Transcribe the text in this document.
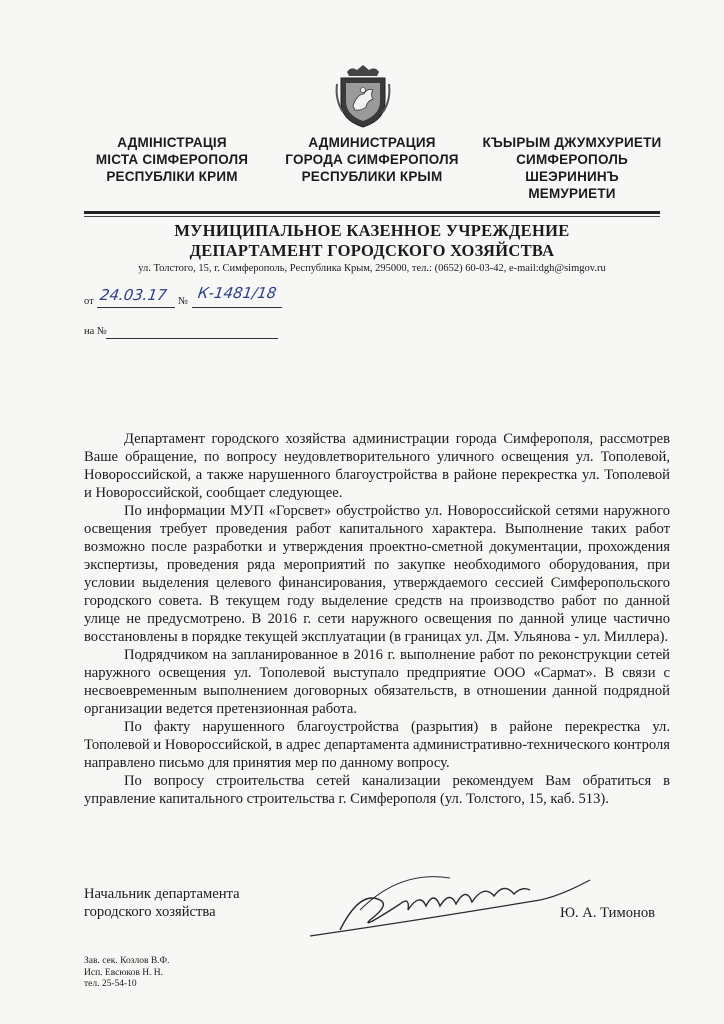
АДМІНІСТРАЦІЯ
МІСТА СІМФЕРОПОЛЯ
РЕСПУБЛІКИ КРИМ
АДМИНИСТРАЦИЯ
ГОРОДА СИМФЕРОПОЛЯ
РЕСПУБЛИКИ КРЫМ
КЪЫРЫМ ДЖУМХУРИЕТИ
СИМФЕРОПОЛЬ
ШЕЭРИНИНЪ
МЕМУРИЕТИ
МУНИЦИПАЛЬНОЕ КАЗЕННОЕ УЧРЕЖДЕНИЕ
ДЕПАРТАМЕНТ ГОРОДСКОГО ХОЗЯЙСТВА
ул. Толстого, 15, г. Симферополь, Республика Крым, 295000, тел.: (0652) 60-03-42, e-mail:dgh@simgov.ru
от 24.03.17 № К-1481/18
на №

Департамент городского хозяйства администрации города Симферополя, рассмотрев Ваше обращение, по вопросу неудовлетворительного уличного освещения ул. Тополевой, Новороссийской, а также нарушенного благоустройства в районе перекрестка ул. Тополевой и Новороссийской, сообщает следующее.

По информации МУП «Горсвет» обустройство ул. Новороссийской сетями наружного освещения требует проведения работ капитального характера. Выполнение таких работ возможно после разработки и утверждения проектно-сметной документации, прохождения экспертизы, проведения ряда мероприятий по закупке необходимого оборудования, при условии выделения целевого финансирования, утверждаемого сессией Симферопольского городского совета. В текущем году выделение средств на производство работ по данной улице не предусмотрено. В 2016 г. сети наружного освещения по данной улице частично восстановлены в порядке текущей эксплуатации (в границах ул. Дм. Ульянова - ул. Миллера).

Подрядчиком на запланированное в 2016 г. выполнение работ по реконструкции сетей наружного освещения ул. Тополевой выступало предприятие ООО «Сармат». В связи с несвоевременным выполнением договорных обязательств, в отношении данной подрядной организации ведется претензионная работа.

По факту нарушенного благоустройства (разрытия) в районе перекрестка ул. Тополевой и Новороссийской, в адрес департамента административно-технического контроля направлено письмо для принятия мер по данному вопросу.

По вопросу строительства сетей канализации рекомендуем Вам обратиться в управление капитального строительства г. Симферополя (ул. Толстого, 15, каб. 513).

Начальник департамента
городского хозяйства	Ю. А. Тимонов
Зав. сек. Козлов В.Ф.
Исп. Евсюков Н. Н.
тел. 25-54-10
